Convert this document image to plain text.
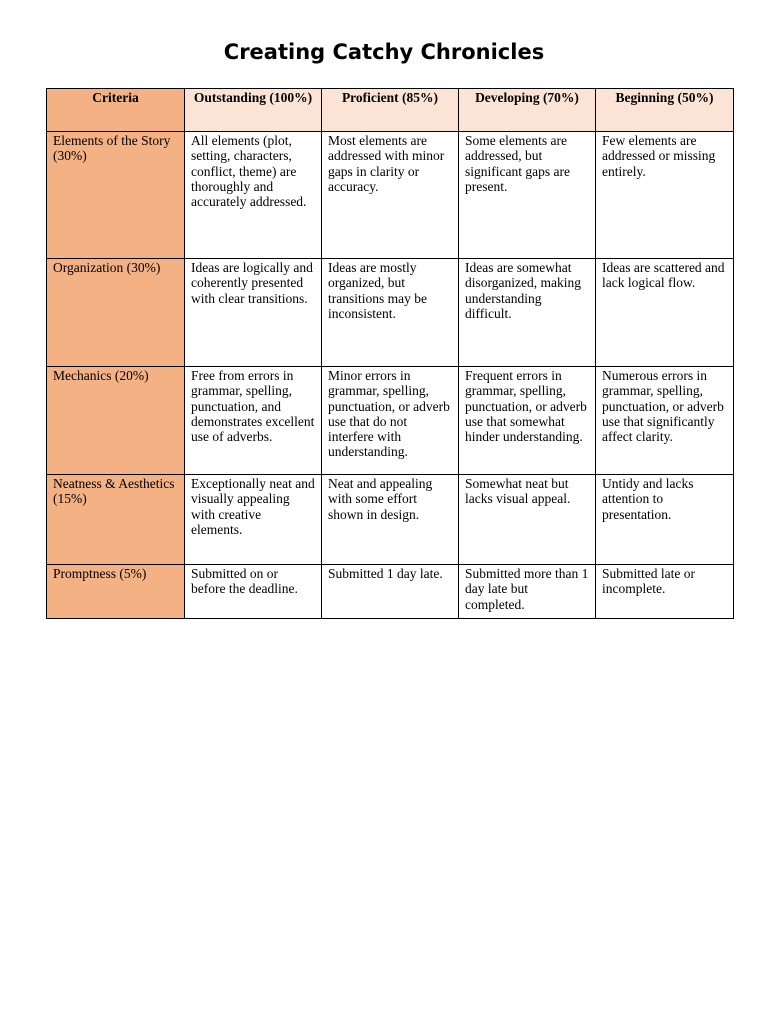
Creating Catchy Chronicles
Criteria	Outstanding (100%)	Proficient (85%)	Developing (70%)	Beginning (50%)
Elements of the Story (30%)	All elements (plot, setting, characters, conflict, theme) are thoroughly and accurately addressed.	Most elements are addressed with minor gaps in clarity or accuracy.	Some elements are addressed, but significant gaps are present.	Few elements are addressed or missing entirely.
Organization (30%)	Ideas are logically and coherently presented with clear transitions.	Ideas are mostly organized, but transitions may be inconsistent.	Ideas are somewhat disorganized, making understanding difficult.	Ideas are scattered and lack logical flow.
Mechanics (20%)	Free from errors in grammar, spelling, punctuation, and demonstrates excellent use of adverbs.	Minor errors in grammar, spelling, punctuation, or adverb use that do not interfere with understanding.	Frequent errors in grammar, spelling, punctuation, or adverb use that somewhat hinder understanding.	Numerous errors in grammar, spelling, punctuation, or adverb use that significantly affect clarity.
Neatness & Aesthetics (15%)	Exceptionally neat and visually appealing with creative elements.	Neat and appealing with some effort shown in design.	Somewhat neat but lacks visual appeal.	Untidy and lacks attention to presentation.
Promptness (5%)	Submitted on or before the deadline.	Submitted 1 day late.	Submitted more than 1 day late but completed.	Submitted late or incomplete.
